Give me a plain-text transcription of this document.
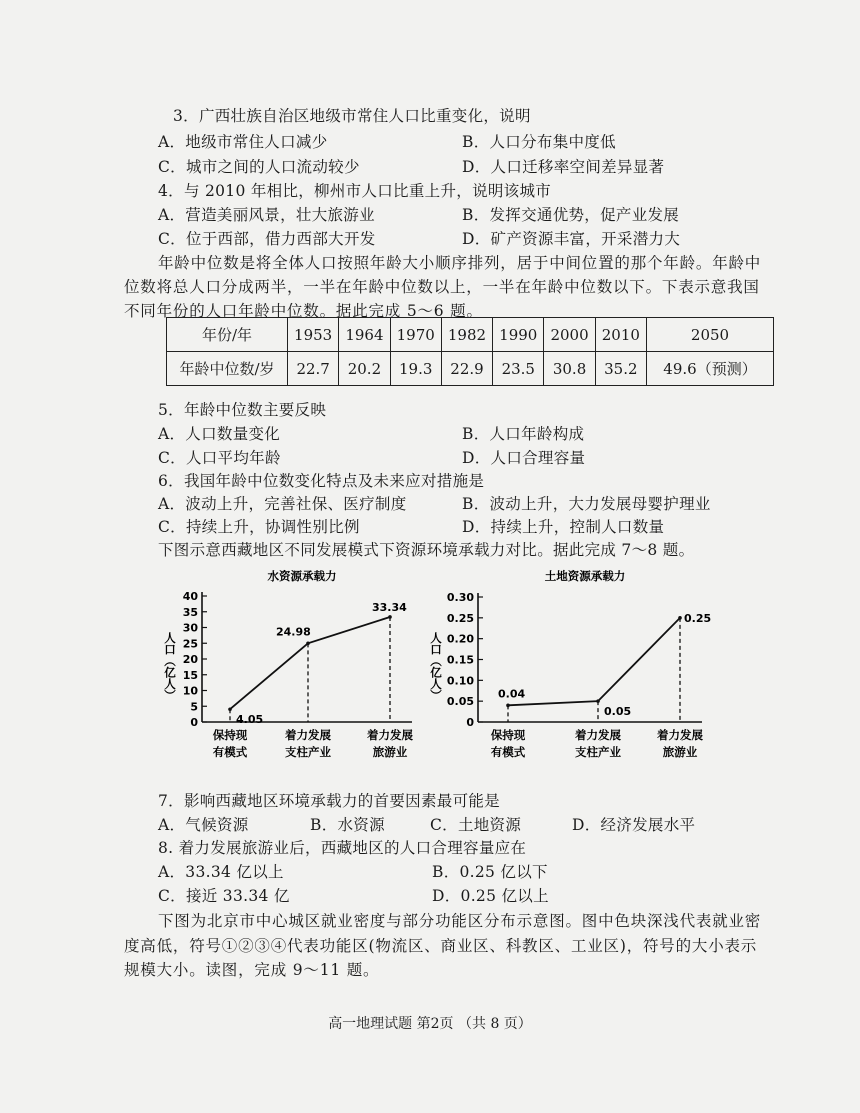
3．广西壮族自治区地级市常住人口比重变化，说明
A．地级市常住人口减少	B．人口分布集中度低
C．城市之间的人口流动较少	D．人口迁移率空间差异显著
4．与 2010 年相比，柳州市人口比重上升，说明该城市
A．营造美丽风景，壮大旅游业	B．发挥交通优势，促产业发展
C．位于西部，借力西部大开发	D．矿产资源丰富，开采潜力大
年龄中位数是将全体人口按照年龄大小顺序排列，居于中间位置的那个年龄。年龄中
位数将总人口分成两半，一半在年龄中位数以上，一半在年龄中位数以下。下表示意我国
不同年份的人口年龄中位数。据此完成 5～6 题。
年份/年	1953	1964	1970	1982	1990	2000	2010	2050
年龄中位数/岁	22.7	20.2	19.3	22.9	23.5	30.8	35.2	49.6（预测）
5．年龄中位数主要反映
A．人口数量变化	B．人口年龄构成
C．人口平均年龄	D．人口合理容量
6．我国年龄中位数变化特点及未来应对措施是
A．波动上升，完善社保、医疗制度	B．波动上升，大力发展母婴护理业
C．持续上升，协调性别比例	D．持续上升，控制人口数量
下图示意西藏地区不同发展模式下资源环境承载力对比。据此完成 7～8 题。
水资源承载力
0
5
10
15
20
25
30
35
40
人口（亿人）
4.05
24.98
33.34
保持现
有模式
着力发展
支柱产业
着力发展
旅游业
土地资源承载力
0
0.05
0.10
0.15
0.20
0.25
0.30
人口（亿人）	0.04
0.05
0.25
保持现
有模式
着力发展
支柱产业
着力发展
旅游业
7．影响西藏地区环境承载力的首要因素最可能是
A．气候资源	B．水资源	C．土地资源	D．经济发展水平
8. 着力发展旅游业后，西藏地区的人口合理容量应在
A．33.34 亿以上	B．0.25 亿以下
C．接近 33.34 亿	D．0.25 亿以上
下图为北京市中心城区就业密度与部分功能区分布示意图。图中色块深浅代表就业密
度高低，符号①②③④代表功能区(物流区、商业区、科教区、工业区)，符号的大小表示
规模大小。读图，完成 9～11 题。
高一地理试题 第2页 （共 8 页）
